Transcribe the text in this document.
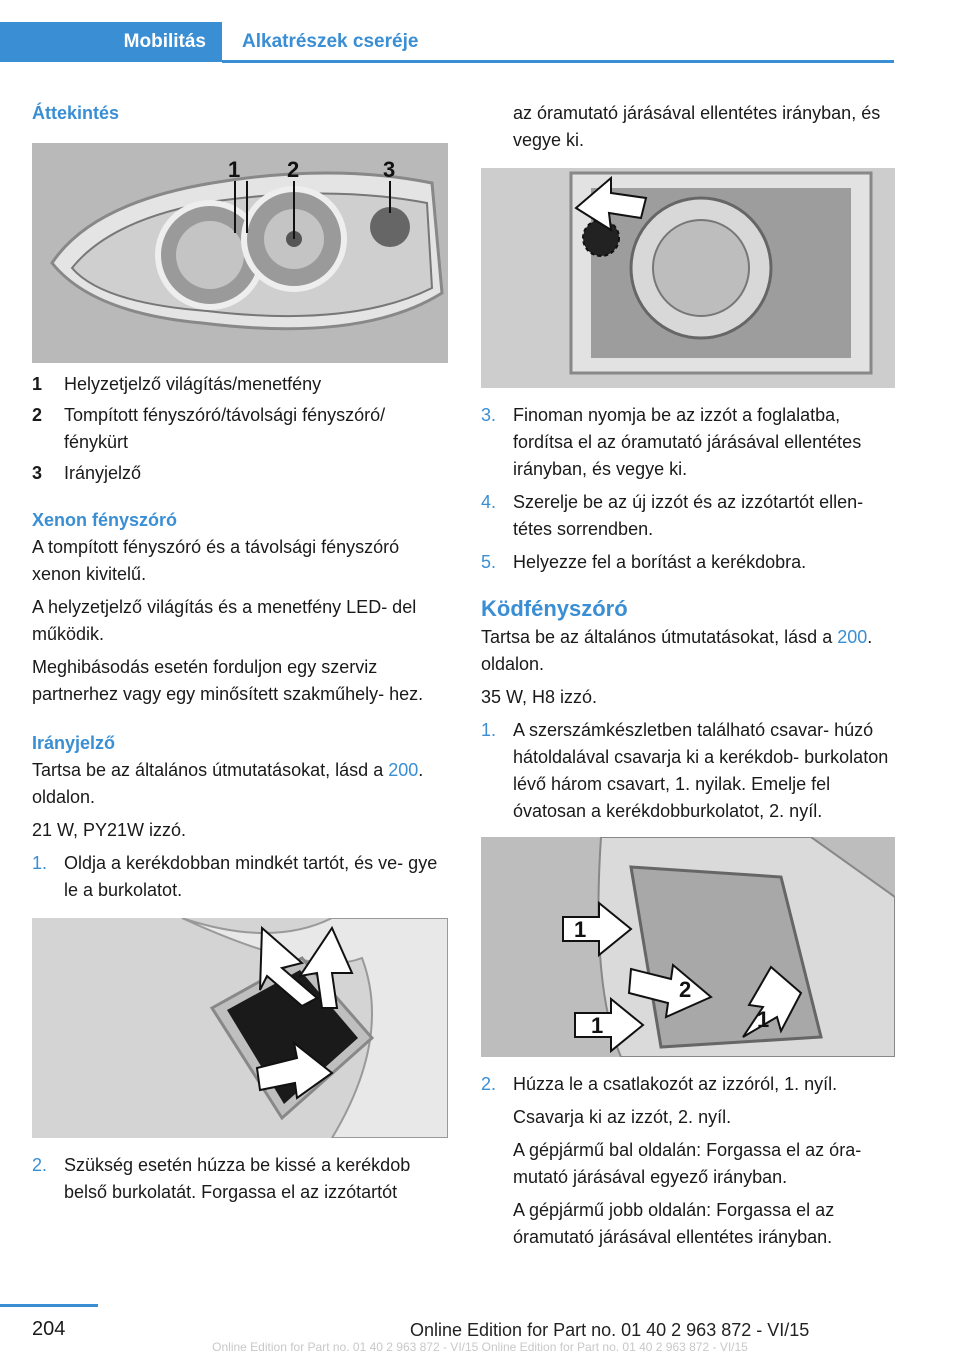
Mobilitás Alkatrészek cseréje
Áttekintés
1 2	3
1	Helyzetjelző világítás/menetfény
2	Tompított fényszóró/távolsági fényszóró/ fénykürt
3	Irányjelző
Xenon fényszóró

A tompított fényszóró és a távolsági fényszóró xenon kivitelű.

A helyzetjelző világítás és a menetfény LED‐ del működik.

Meghibásodás esetén forduljon egy szerviz partnerhez vagy egy minősített szakműhely‐ hez.

Irányjelző

Tartsa be az általános útmutatásokat, lásd a 200. oldalon.

21 W, PY21W izzó.

1. Oldja a kerékdobban mindkét tartót, és ve‐ gye le a burkolatot.
2. Szükség esetén húzza be kissé a kerékdob belső burkolatát. Forgassa el az izzótartót

az óramutató járásával ellentétes irányban, és vegye ki.

3. Finoman nyomja be az izzót a foglalatba, fordítsa el az óramutató járásával ellentétes irányban, és vegye ki.
4. Szerelje be az új izzót és az izzótartót ellen‐ tétes sorrendben.
5. Helyezze fel a borítást a kerékdobra.
Ködfényszóró

Tartsa be az általános útmutatásokat, lásd a 200. oldalon.

35 W, H8 izzó.

1. A szerszámkészletben található csavar‐ húzó hátoldalával csavarja ki a kerékdob‐ burkolaton lévő három csavart, 1. nyilak. Emelje fel óvatosan a kerékdobburkolatot, 2. nyíl.
1
2
1	1
2. Húzza le a csatlakozót az izzóról, 1. nyíl.

Csavarja ki az izzót, 2. nyíl.

A gépjármű bal oldalán: Forgassa el az óra‐ mutató járásával egyező irányban.

A gépjármű jobb oldalán: Forgassa el az óramutató járásával ellentétes irányban.

204	Online Edition for Part no. 01 40 2 963 872 - VI/15
Online Edition for Part no. 01 40 2 963 872 - VI/15 Online Edition for Part no. 01 40 2 963 872 - VI/15
